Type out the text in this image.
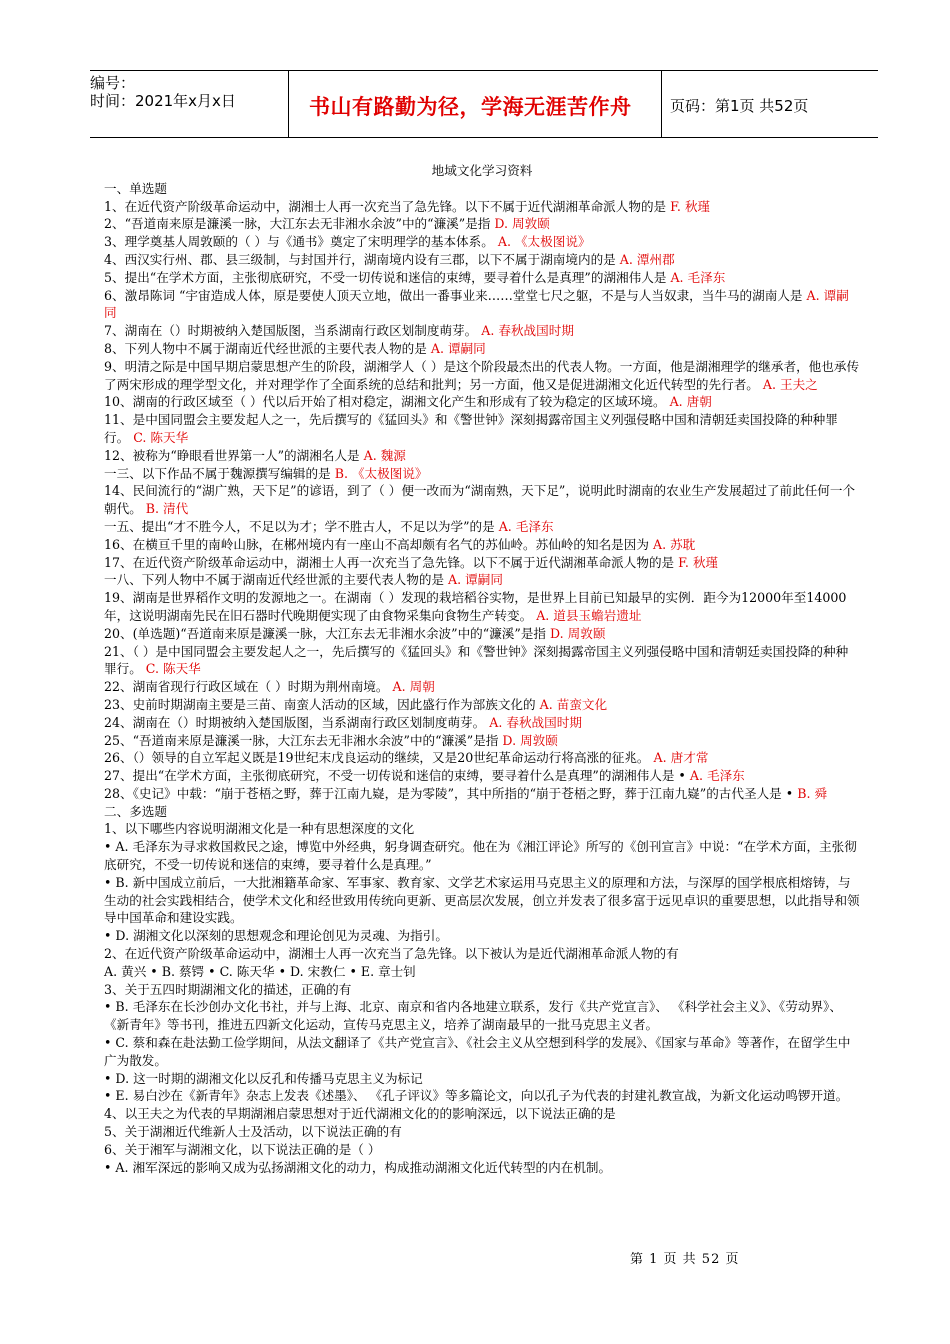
编号：
时间：2021年x月x日	书山有路勤为径，学海无涯苦作舟	页码：第1页 共52页
地域文化学习资料
一、单选题
1、在近代资产阶级革命运动中，湖湘士人再一次充当了急先锋。以下不属于近代湖湘革命派人物的是 F. 秋瑾
2、“吾道南来原是濂溪一脉，大江东去无非湘水余波”中的“濂溪”是指 D. 周敦颐
3、理学奠基人周敦颐的（ ）与《通书》奠定了宋明理学的基本体系。 A. 《太极图说》
4、西汉实行州、郡、县三级制，与封国并行，湖南境内设有三郡，以下不属于湖南境内的是 A. 潭州郡
5、提出“在学术方面，主张彻底研究，不受一切传说和迷信的束缚，要寻着什么是真理”的湖湘伟人是 A. 毛泽东
6、激昂陈词 “宇宙造成人体，原是要使人顶天立地，做出一番事业来……堂堂七尺之躯，不是与人当奴隶，当牛马的湖南人是 A. 谭嗣同
7、湖南在（）时期被纳入楚国版图，当系湖南行政区划制度萌芽。 A. 春秋战国时期
8、下列人物中不属于湖南近代经世派的主要代表人物的是 A. 谭嗣同
9、明清之际是中国早期启蒙思想产生的阶段，湖湘学人（ ）是这个阶段最杰出的代表人物。一方面，他是湖湘理学的继承者，他也承传了两宋形成的理学型文化，并对理学作了全面系统的总结和批判；另一方面，他又是促进湖湘文化近代转型的先行者。 A. 王夫之
10、湖南的行政区域至（ ）代以后开始了相对稳定，湖湘文化产生和形成有了较为稳定的区域环境。 A. 唐朝
11、是中国同盟会主要发起人之一，先后撰写的《猛回头》和《警世钟》深刻揭露帝国主义列强侵略中国和清朝廷卖国投降的种种罪行。 C. 陈天华
12、被称为“睁眼看世界第一人”的湖湘名人是 A. 魏源
一三、以下作品不属于魏源撰写编辑的是 B. 《太极图说》
14、民间流行的“湖广熟，天下足”的谚语，到了（ ）便一改而为“湖南熟，天下足”，说明此时湖南的农业生产发展超过了前此任何一个朝代。 B. 清代
一五、提出“才不胜今人，不足以为才；学不胜古人，不足以为学”的是 A. 毛泽东
16、在横亘千里的南岭山脉，在郴州境内有一座山不高却颇有名气的苏仙岭。苏仙岭的知名是因为 A. 苏耽
17、在近代资产阶级革命运动中，湖湘士人再一次充当了急先锋。以下不属于近代湖湘革命派人物的是 F. 秋瑾
一八、下列人物中不属于湖南近代经世派的主要代表人物的是 A. 谭嗣同
19、湖南是世界稻作文明的发源地之一。在湖南（ ）发现的栽培稻谷实物，是世界上目前已知最早的实例．距今为12000年至14000年，这说明湖南先民在旧石器时代晚期便实现了由食物采集向食物生产转变。 A. 道县玉蟾岩遗址
20、(单选题)“吾道南来原是濂溪一脉，大江东去无非湘水余波”中的“濂溪”是指 D. 周敦颐
21、（ ）是中国同盟会主要发起人之一，先后撰写的《猛回头》和《警世钟》深刻揭露帝国主义列强侵略中国和清朝廷卖国投降的种种罪行。 C. 陈天华
22、湖南省现行行政区域在（ ）时期为荆州南境。 A. 周朝
23、史前时期湖南主要是三苗、南蛮人活动的区域，因此盛行作为部族文化的 A. 苗蛮文化
24、湖南在（）时期被纳入楚国版图，当系湖南行政区划制度萌芽。 A. 春秋战国时期
25、“吾道南来原是濂溪一脉，大江东去无非湘水余波”中的“濂溪”是指 D. 周敦颐
26、（）领导的自立军起义既是19世纪末戊良运动的继续，又是20世纪革命运动行将高涨的征兆。 A. 唐才常
27、提出“在学术方面，主张彻底研究，不受一切传说和迷信的束缚，要寻着什么是真理”的湖湘伟人是 • A. 毛泽东
28、《史记》中载：“崩于苍梧之野，葬于江南九嶷，是为零陵”，其中所指的“崩于苍梧之野，葬于江南九嶷”的古代圣人是 • B. 舜
二、多选题
1、以下哪些内容说明湖湘文化是一种有思想深度的文化
• A. 毛泽东为寻求救国救民之途，博览中外经典，躬身调查研究。他在为《湘江评论》所写的《创刊宣言》中说：“在学术方面，主张彻底研究，不受一切传说和迷信的束缚，要寻着什么是真理。”
• B. 新中国成立前后，一大批湘籍革命家、军事家、教育家、文学艺术家运用马克思主义的原理和方法，与深厚的国学根底相熔铸，与生动的社会实践相结合，使学术文化和经世致用传统向更新、更高层次发展，创立并发表了很多富于远见卓识的重要思想，以此指导和领导中国革命和建设实践。
• D. 湖湘文化以深刻的思想观念和理论创见为灵魂、为指引。
2、在近代资产阶级革命运动中，湖湘士人再一次充当了急先锋。以下被认为是近代湖湘革命派人物的有
A. 黄兴 • B. 蔡锷 • C. 陈天华 • D. 宋教仁 • E. 章士钊
3、关于五四时期湖湘文化的描述，正确的有
• B. 毛泽东在长沙创办文化书社，并与上海、北京、南京和省内各地建立联系，发行《共产党宣言》、 《科学社会主义》、《劳动界》、《新青年》等书刊，推进五四新文化运动，宣传马克思主义，培养了湖南最早的一批马克思主义者。
• C. 蔡和森在赴法勤工俭学期间，从法文翻译了《共产党宣言》、《社会主义从空想到科学的发展》、《国家与革命》等著作，在留学生中广为散发。
• D. 这一时期的湖湘文化以反孔和传播马克思主义为标记
• E. 易白沙在《新青年》杂志上发表《述墨》、 《孔子评议》等多篇论文，向以孔子为代表的封建礼教宣战，为新文化运动鸣锣开道。
4、以王夫之为代表的早期湖湘启蒙思想对于近代湖湘文化的的影响深远，以下说法正确的是
5、关于湖湘近代维新人士及活动，以下说法正确的有
6、关于湘军与湖湘文化，以下说法正确的是（ ）
• A. 湘军深远的影响又成为弘扬湖湘文化的动力，构成推动湖湘文化近代转型的内在机制。
第 1 页 共 52 页
